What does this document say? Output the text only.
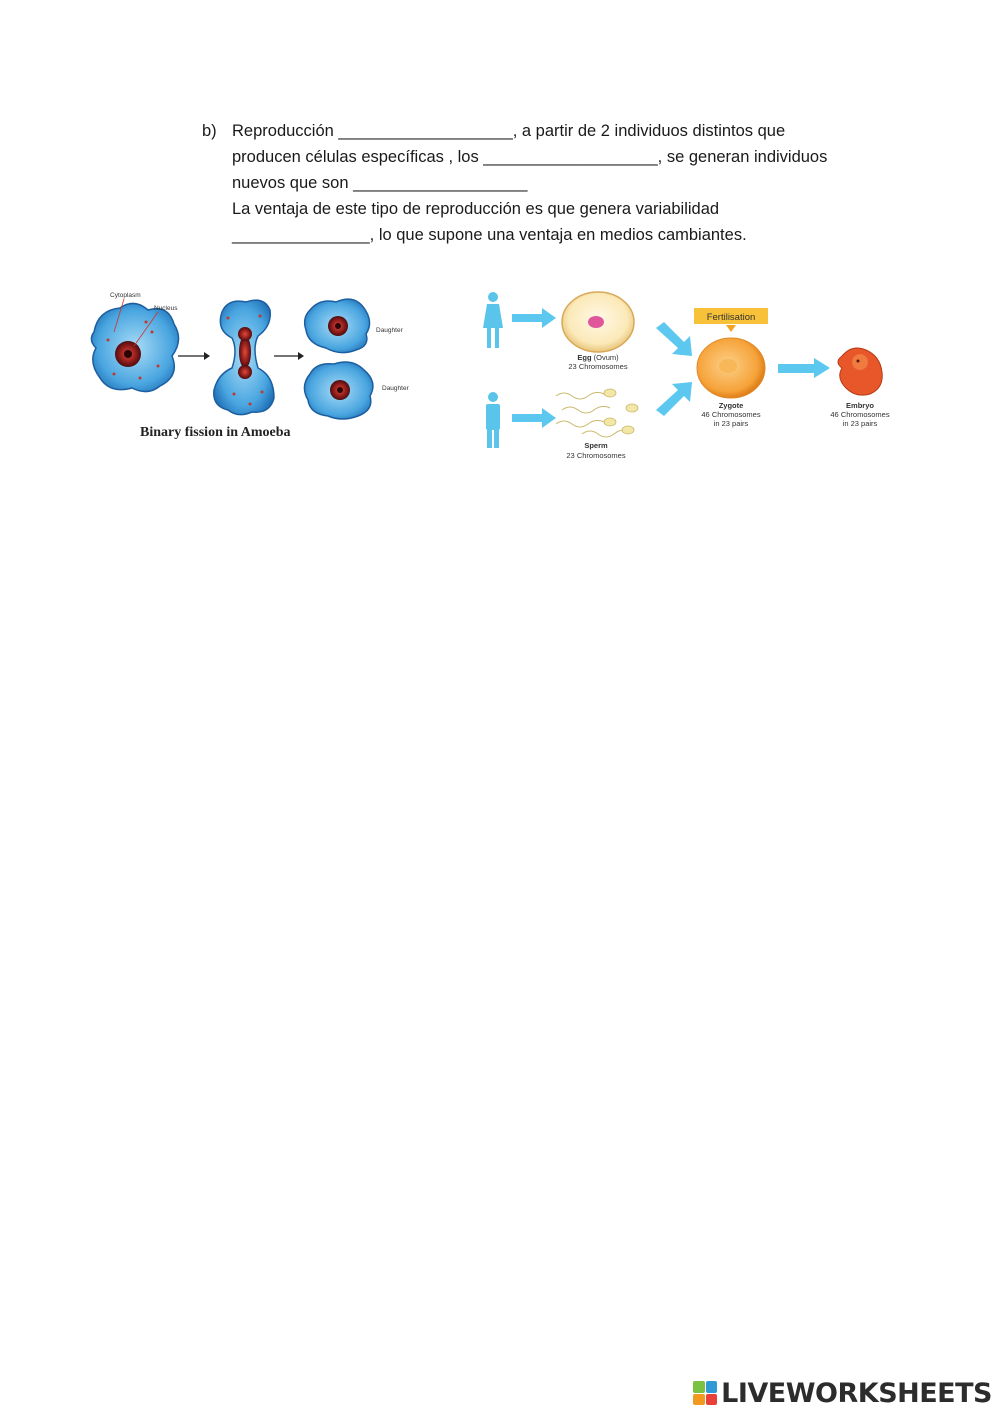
b) Reproducción ___________________, a partir de 2 individuos distintos que
producen células específicas , los ___________________, se generan individuos
nuevos que son ___________________
La ventaja de este tipo de reproducción es que genera variabilidad
_______________, lo que supone una ventaja en medios cambiantes.
Cytoplasm
Nucleus
Daughter
Daughter
Binary fission in Amoeba
Egg (Ovum)
23 Chromosomes
Sperm
23 Chromosomes
Fertilisation
Zygote
46 Chromosomes
in 23 pairs
Embryo
46 Chromosomes
in 23 pairs
LIVEWORKSHEETS
